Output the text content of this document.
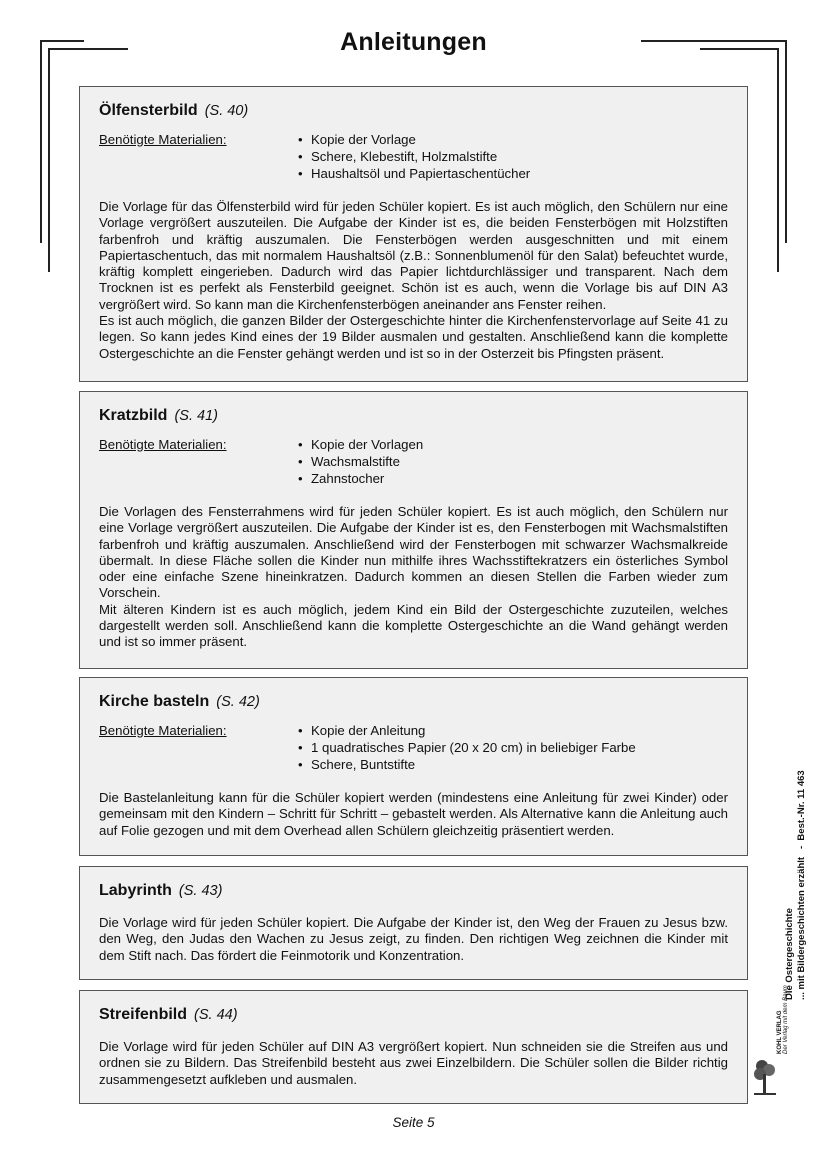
Anleitungen
Ölfensterbild (S. 40)
Benötigte Materialien:	• Kopie der Vorlage
• Schere, Klebestift, Holzmalstifte
• Haushaltsöl und Papiertaschentücher

Die Vorlage für das Ölfensterbild wird für jeden Schüler kopiert. Es ist auch möglich, den Schülern nur eine Vorlage vergrößert auszuteilen. Die Aufgabe der Kinder ist es, die beiden Fensterbögen mit Holzstiften farbenfroh und kräftig auszumalen. Die Fensterbögen werden ausgeschnitten und mit einem Papiertaschentuch, das mit normalem Haushaltsöl (z.B.: Sonnenblumenöl für den Salat) befeuchtet wurde, kräftig komplett eingerieben. Dadurch wird das Papier lichtdurchlässiger und transparent. Nach dem Trocknen ist es perfekt als Fensterbild geeignet. Schön ist es auch, wenn die Vorlage bis auf DIN A3 vergrößert wird. So kann man die Kirchenfensterbögen aneinander ans Fenster reihen.

Es ist auch möglich, die ganzen Bilder der Ostergeschichte hinter die Kirchenfenstervorlage auf Seite 41 zu legen. So kann jedes Kind eines der 19 Bilder ausmalen und gestalten. Anschließend kann die komplette Ostergeschichte an die Fenster gehängt werden und ist so in der Osterzeit bis Pfingsten präsent.

Kratzbild (S. 41)
Benötigte Materialien:	• Kopie der Vorlagen
• Wachsmalstifte
• Zahnstocher

Die Vorlagen des Fensterrahmens wird für jeden Schüler kopiert. Es ist auch möglich, den Schülern nur eine Vorlage vergrößert auszuteilen. Die Aufgabe der Kinder ist es, den Fensterbogen mit Wachsmalstiften farbenfroh und kräftig auszumalen. Anschließend wird der Fensterbogen mit schwarzer Wachsmalkreide übermalt. In diese Fläche sollen die Kinder nun mithilfe ihres Wachsstiftekratzers ein österliches Symbol oder eine einfache Szene hineinkratzen. Dadurch kommen an diesen Stellen die Farben wieder zum Vorschein.

Mit älteren Kindern ist es auch möglich, jedem Kind ein Bild der Ostergeschichte zuzuteilen, welches dargestellt werden soll. Anschließend kann die komplette Ostergeschichte an die Wand gehängt werden und ist so immer präsent.

Kirche basteln (S. 42)
Benötigte Materialien:	• Kopie der Anleitung
• 1 quadratisches Papier (20 x 20 cm) in beliebiger Farbe
• Schere, Buntstifte

Die Bastelanleitung kann für die Schüler kopiert werden (mindestens eine Anleitung für zwei Kinder) oder gemeinsam mit den Kindern – Schritt für Schritt – gebastelt werden. Als Alternative kann die Anleitung auch auf Folie gezogen und mit dem Overhead allen Schülern gleichzeitig präsentiert werden.

Labyrinth (S. 43)

Die Vorlage wird für jeden Schüler kopiert. Die Aufgabe der Kinder ist, den Weg der Frauen zu Jesus bzw. den Weg, den Judas den Wachen zu Jesus zeigt, zu finden. Den richtigen Weg zeichnen die Kinder mit dem Stift nach. Das fördert die Feinmotorik und Konzentration.

Streifenbild (S. 44)

Die Vorlage wird für jeden Schüler auf DIN A3 vergrößert kopiert. Nun schneiden sie die Streifen aus und ordnen sie zu Bildern. Das Streifenbild besteht aus zwei Einzelbildern. Die Schüler sollen die Bilder richtig zusammengesetzt aufkleben und ausmalen.

Die Ostergeschichte ... mit Bildergeschichten erzählt   -  Best.-Nr. 11 463
KOHL VERLAG Der Verlag mit dem Baum
Seite 5
